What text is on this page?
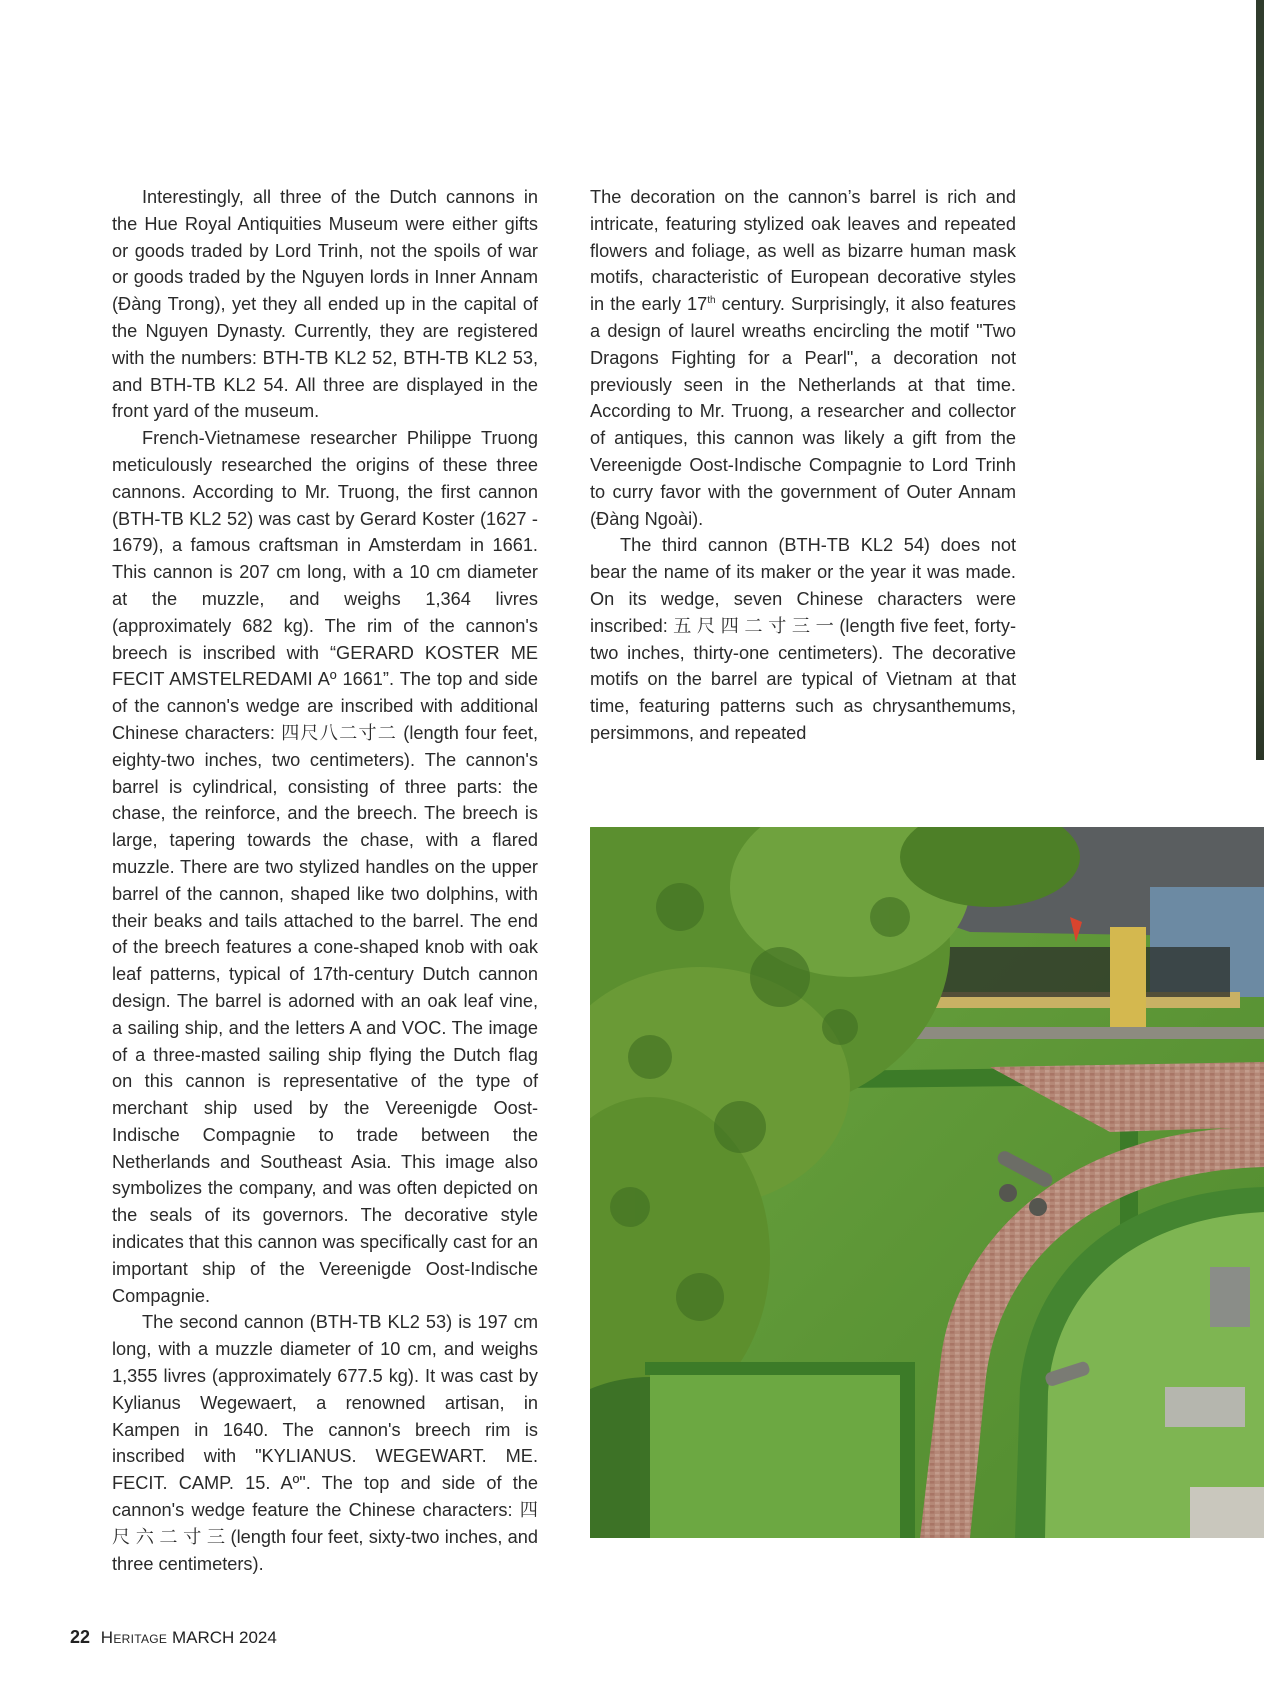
Interestingly, all three of the Dutch cannons in the Hue Royal Antiquities Museum were either gifts or goods traded by Lord Trinh, not the spoils of war or goods traded by the Nguyen lords in Inner Annam (Đàng Trong), yet they all ended up in the capital of the Nguyen Dynasty. Currently, they are registered with the numbers: BTH-TB KL2 52, BTH-TB KL2 53, and BTH-TB KL2 54. All three are displayed in the front yard of the museum.

French-Vietnamese researcher Philippe Truong meticulously researched the origins of these three cannons. According to Mr. Truong, the first cannon (BTH-TB KL2 52) was cast by Gerard Koster (1627 - 1679), a famous craftsman in Amsterdam in 1661. This cannon is 207 cm long, with a 10 cm diameter at the muzzle, and weighs 1,364 livres (approximately 682 kg). The rim of the cannon's breech is inscribed with “GERARD KOSTER ME FECIT AMSTELREDAMI Aº 1661”. The top and side of the cannon's wedge are inscribed with additional Chinese characters: 四尺八二寸二 (length four feet, eighty-two inches, two centimeters). The cannon's barrel is cylindrical, consisting of three parts: the chase, the reinforce, and the breech. The breech is large, tapering towards the chase, with a flared muzzle. There are two stylized handles on the upper barrel of the cannon, shaped like two dolphins, with their beaks and tails attached to the barrel. The end of the breech features a cone-shaped knob with oak leaf patterns, typical of 17th-century Dutch cannon design. The barrel is adorned with an oak leaf vine, a sailing ship, and the letters A and VOC. The image of a three-masted sailing ship flying the Dutch flag on this cannon is representative of the type of merchant ship used by the Vereenigde Oost-Indische Compagnie to trade between the Netherlands and Southeast Asia. This image also symbolizes the company, and was often depicted on the seals of its governors. The decorative style indicates that this cannon was specifically cast for an important ship of the Vereenigde Oost-Indische Compagnie.

The second cannon (BTH-TB KL2 53) is 197 cm long, with a muzzle diameter of 10 cm, and weighs 1,355 livres (approximately 677.5 kg). It was cast by Kylianus Wegewaert, a renowned artisan, in Kampen in 1640. The cannon's breech rim is inscribed with "KYLIANUS. WEGEWART. ME. FECIT. CAMP. 15. Aº". The top and side of the cannon's wedge feature the Chinese characters: 四 尺 六 二 寸 三 (length four feet, sixty-two inches, and three centimeters).

The decoration on the cannon’s barrel is rich and intricate, featuring stylized oak leaves and repeated flowers and foliage, as well as bizarre human mask motifs, characteristic of European decorative styles in the early 17th century. Surprisingly, it also features a design of laurel wreaths encircling the motif "Two Dragons Fighting for a Pearl", a decoration not previously seen in the Netherlands at that time. According to Mr. Truong, a researcher and collector of antiques, this cannon was likely a gift from the Vereenigde Oost-Indische Compagnie to Lord Trinh to curry favor with the government of Outer Annam (Đàng Ngoài).

The third cannon (BTH-TB KL2 54) does not bear the name of its maker or the year it was made. On its wedge, seven Chinese characters were inscribed: 五 尺 四 二 寸 三 一 (length five feet, forty-two inches, thirty-one centimeters). The decorative motifs on the barrel are typical of Vietnam at that time, featuring patterns such as chrysanthemums, persimmons, and repeated

22 Heritage MARCH 2024
